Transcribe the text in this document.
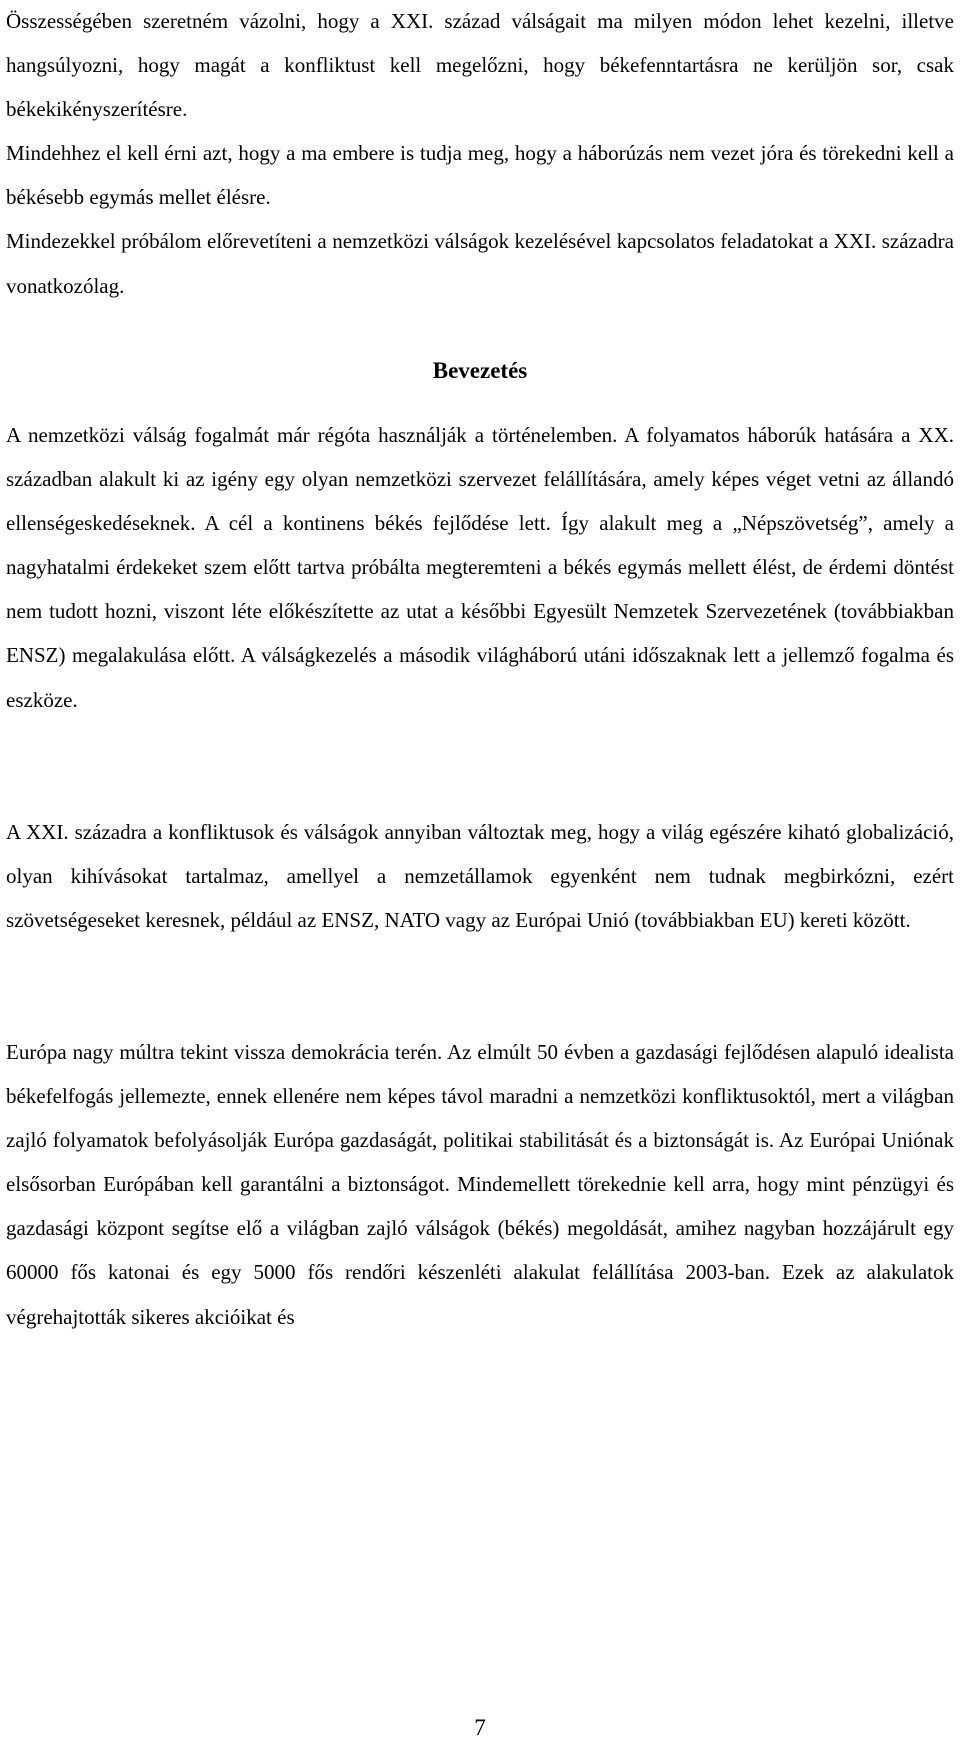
Összességében szeretném vázolni, hogy a XXI. század válságait ma milyen módon lehet kezelni, illetve hangsúlyozni, hogy magát a konfliktust kell megelőzni, hogy békefenntartásra ne kerüljön sor, csak békekikényszerítésre.

Mindehhez el kell érni azt, hogy a ma embere is tudja meg, hogy a háborúzás nem vezet jóra és törekedni kell a békésebb egymás mellet élésre.

Mindezekkel próbálom előrevetíteni a nemzetközi válságok kezelésével kapcsolatos feladatokat a XXI. századra vonatkozólag.

Bevezetés

A nemzetközi válság fogalmát már régóta használják a történelemben. A folyamatos háborúk hatására a XX. században alakult ki az igény egy olyan nemzetközi szervezet felállítására, amely képes véget vetni az állandó ellenségeskedéseknek. A cél a kontinens békés fejlődése lett. Így alakult meg a „Népszövetség”, amely a nagyhatalmi érdekeket szem előtt tartva próbálta megteremteni a békés egymás mellett élést, de érdemi döntést nem tudott hozni, viszont léte előkészítette az utat a későbbi Egyesült Nemzetek Szervezetének (továbbiakban ENSZ) megalakulása előtt. A válságkezelés a második világháború utáni időszaknak lett a jellemző fogalma és eszköze.

A XXI. századra a konfliktusok és válságok annyiban változtak meg, hogy a világ egészére kiható globalizáció, olyan kihívásokat tartalmaz, amellyel a nemzetállamok egyenként nem tudnak megbirkózni, ezért szövetségeseket keresnek, például az ENSZ, NATO vagy az Európai Unió (továbbiakban EU) kereti között.

Európa nagy múltra tekint vissza demokrácia terén. Az elmúlt 50 évben a gazdasági fejlődésen alapuló idealista békefelfogás jellemezte, ennek ellenére nem képes távol maradni a nemzetközi konfliktusoktól, mert a világban zajló folyamatok befolyásolják Európa gazdaságát, politikai stabilitását és a biztonságát is. Az Európai Uniónak elsősorban Európában kell garantálni a biztonságot. Mindemellett törekednie kell arra, hogy mint pénzügyi és gazdasági központ segítse elő a világban zajló válságok (békés) megoldását, amihez nagyban hozzájárult egy 60000 fős katonai és egy 5000 fős rendőri készenléti alakulat felállítása 2003-ban. Ezek az alakulatok végrehajtották sikeres akcióikat és

7
